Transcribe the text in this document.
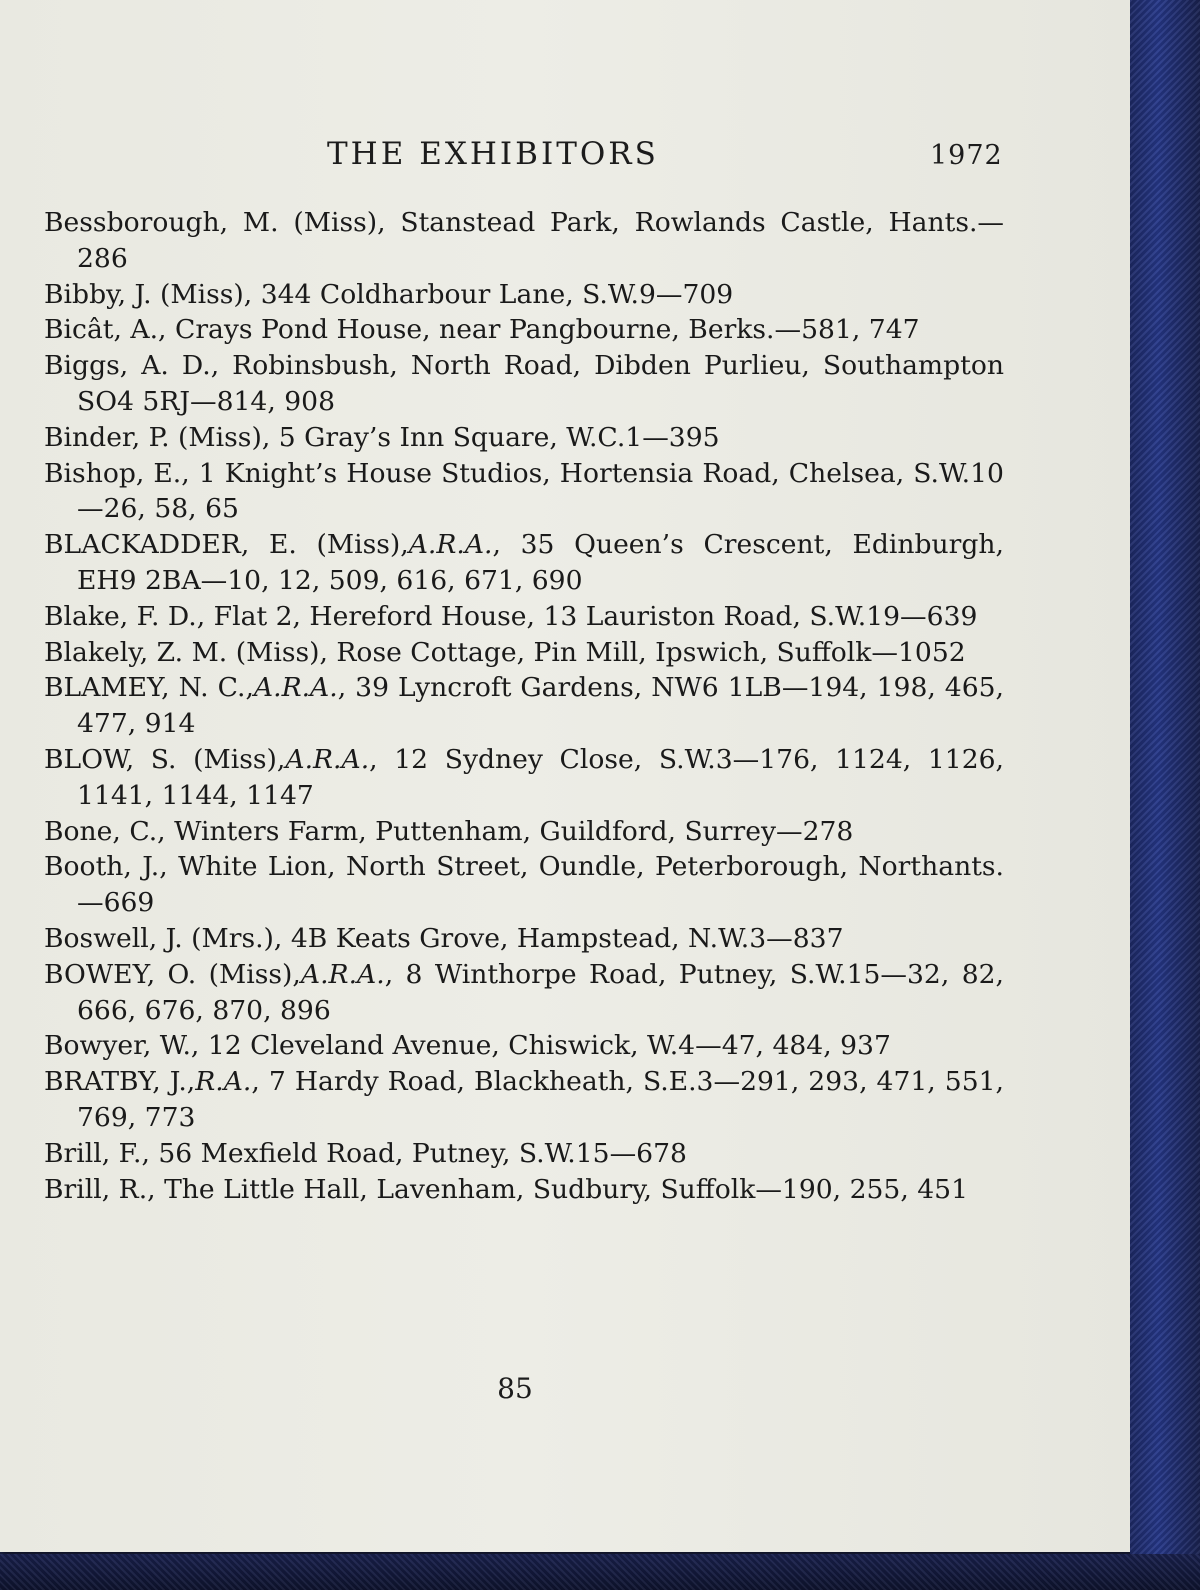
THE EXHIBITORS	1972
Bessborough, M. (Miss), Stanstead Park, Rowlands Castle, Hants.—286
Bibby, J. (Miss), 344 Coldharbour Lane, S.W.9—709
Bicât, A., Crays Pond House, near Pangbourne, Berks.—581, 747
Biggs, A. D., Robinsbush, North Road, Dibden Purlieu, Southampton SO4 5RJ—814, 908
Binder, P. (Miss), 5 Gray’s Inn Square, W.C.1—395
Bishop, E., 1 Knight’s House Studios, Hortensia Road, Chelsea, S.W.10—26, 58, 65
BLACKADDER, E. (Miss),A.R.A., 35 Queen’s Crescent, Edinburgh, EH9 2BA—10, 12, 509, 616, 671, 690
Blake, F. D., Flat 2, Hereford House, 13 Lauriston Road, S.W.19—639
Blakely, Z. M. (Miss), Rose Cottage, Pin Mill, Ipswich, Suffolk—1052
BLAMEY, N. C.,A.R.A., 39 Lyncroft Gardens, NW6 1LB—194, 198, 465, 477, 914
BLOW, S. (Miss),A.R.A., 12 Sydney Close, S.W.3—176, 1124, 1126, 1141, 1144, 1147
Bone, C., Winters Farm, Puttenham, Guildford, Surrey—278
Booth, J., White Lion, North Street, Oundle, Peterborough, Northants.—669
Boswell, J. (Mrs.), 4B Keats Grove, Hampstead, N.W.3—837
BOWEY, O. (Miss),A.R.A., 8 Winthorpe Road, Putney, S.W.15—32, 82, 666, 676, 870, 896
Bowyer, W., 12 Cleveland Avenue, Chiswick, W.4—47, 484, 937
BRATBY, J.,R.A., 7 Hardy Road, Blackheath, S.E.3—291, 293, 471, 551, 769, 773
Brill, F., 56 Mexfield Road, Putney, S.W.15—678
Brill, R., The Little Hall, Lavenham, Sudbury, Suffolk—190, 255, 451
85
